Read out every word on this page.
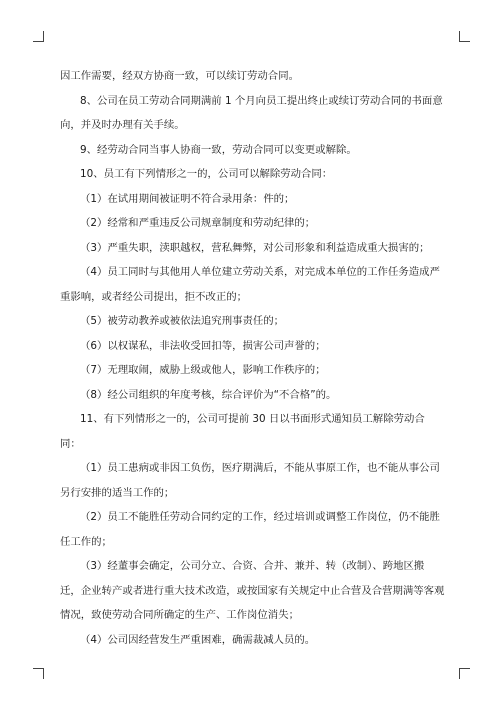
因工作需要，经双方协商一致，可以续订劳动合同。

8、公司在员工劳动合同期满前 1 个月向员工提出终止或续订劳动合同的书面意向，并及时办理有关手续。

9、经劳动合同当事人协商一致，劳动合同可以变更或解除。

10、员工有下列情形之一的，公司可以解除劳动合同：

（1）在试用期间被证明不符合录用条：件的；

（2）经常和严重违反公司规章制度和劳动纪律的；

（3）严重失职，渎职越权，营私舞弊，对公司形象和利益造成重大损害的；

（4）员工同时与其他用人单位建立劳动关系，对完成本单位的工作任务造成严重影响，或者经公司提出，拒不改正的；

（5）被劳动教养或被依法追究刑事责任的；

（6）以权谋私，非法收受回扣等，损害公司声誉的；

（7）无理取闹，威胁上级或他人，影响工作秩序的；

（8）经公司组织的年度考核，综合评价为“不合格”的。

11、有下列情形之一的，公司可提前 30 日以书面形式通知员工解除劳动合同：

（1）员工患病或非因工负伤，医疗期满后，不能从事原工作，也不能从事公司另行安排的适当工作的；

（2）员工不能胜任劳动合同约定的工作，经过培训或调整工作岗位，仍不能胜任工作的；

（3）经董事会确定，公司分立、合资、合并、兼并、转（改制）、跨地区搬迁，企业转产或者进行重大技术改造，或按国家有关规定中止合营及合营期满等客观情况，致使劳动合同所确定的生产、工作岗位消失；

（4）公司因经营发生严重困难，确需裁减人员的。
